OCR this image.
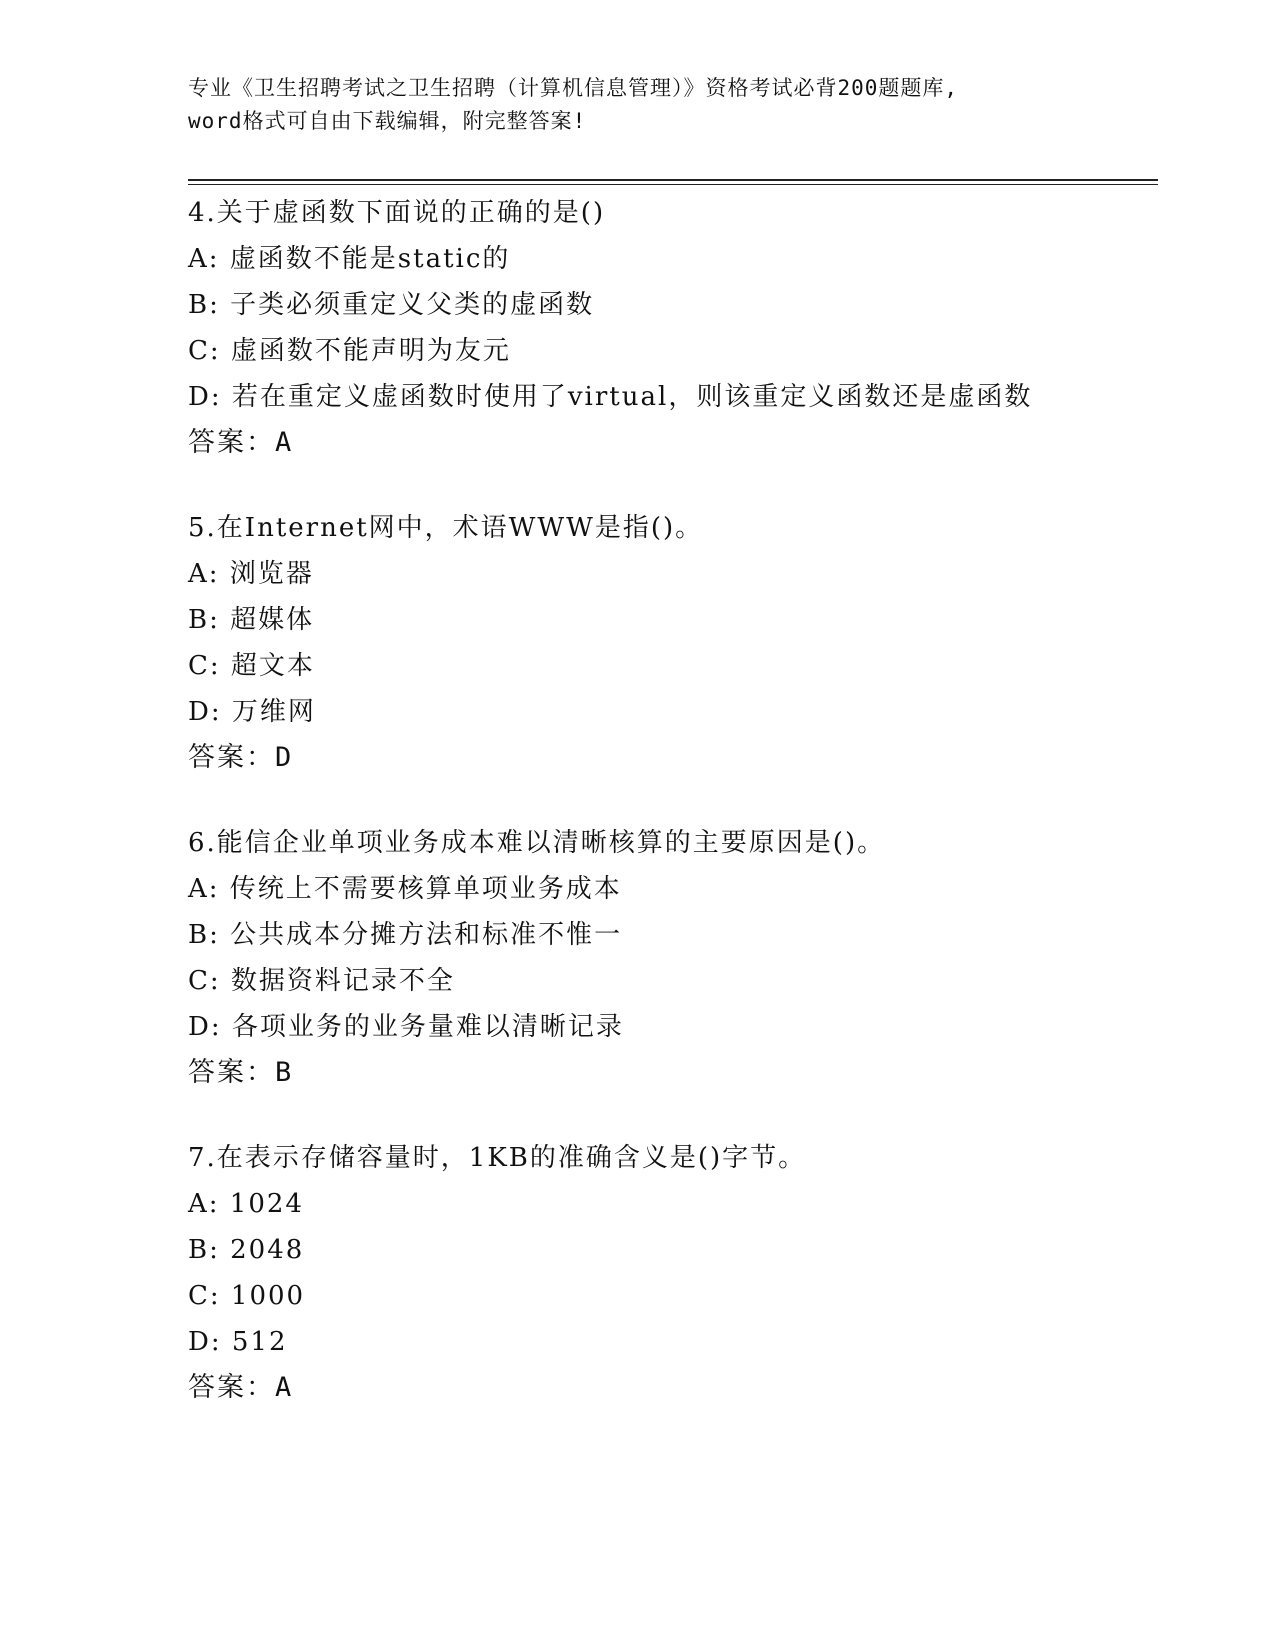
专业《卫生招聘考试之卫生招聘（计算机信息管理）》资格考试必背200题题库,
word格式可自由下载编辑，附完整答案!
4.关于虚函数下面说的正确的是()
A: 虚函数不能是static的
B: 子类必须重定义父类的虚函数
C: 虚函数不能声明为友元
D: 若在重定义虚函数时使用了virtual，则该重定义函数还是虚函数
答案：A
5.在Internet网中，术语WWW是指()。
A: 浏览器
B: 超媒体
C: 超文本
D: 万维网
答案：D
6.能信企业单项业务成本难以清晰核算的主要原因是()。
A: 传统上不需要核算单项业务成本
B: 公共成本分摊方法和标准不惟一
C: 数据资料记录不全
D: 各项业务的业务量难以清晰记录
答案：B
7.在表示存储容量时，1KB的准确含义是()字节。
A: 1024
B: 2048
C: 1000
D: 512
答案：A
